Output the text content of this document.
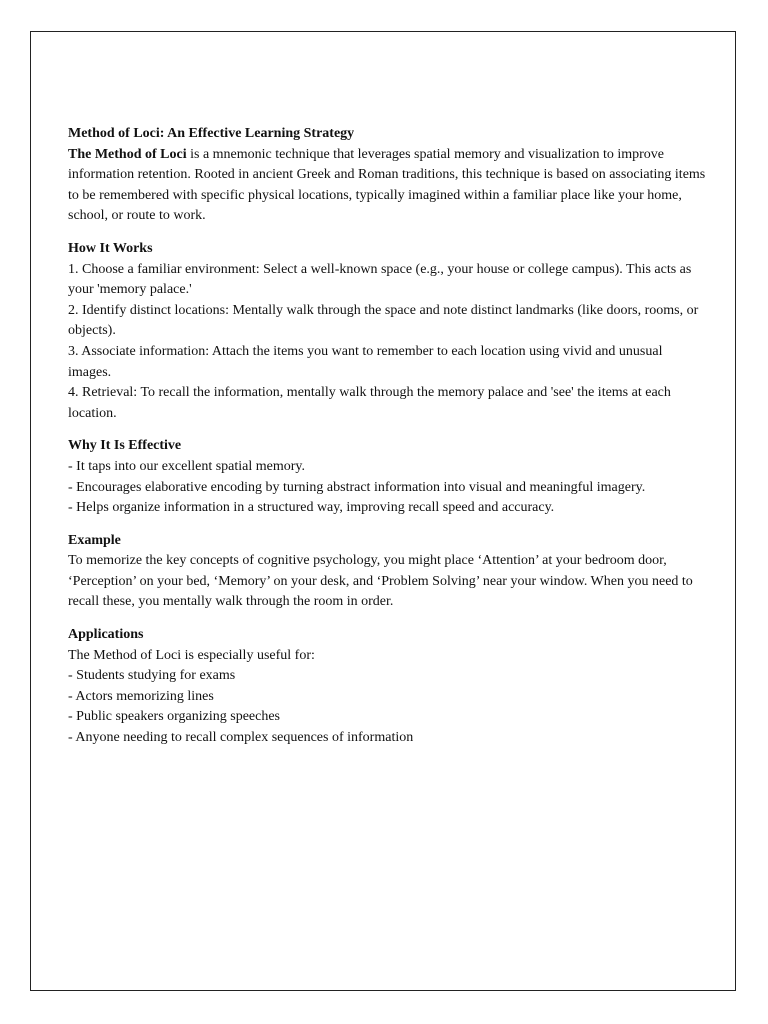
Method of Loci: An Effective Learning Strategy

The Method of Loci is a mnemonic technique that leverages spatial memory and visualization to improve information retention. Rooted in ancient Greek and Roman traditions, this technique is based on associating items to be remembered with specific physical locations, typically imagined within a familiar place like your home, school, or route to work.

How It Works
1. Choose a familiar environment: Select a well-known space (e.g., your house or college campus). This acts as your 'memory palace.'
2. Identify distinct locations: Mentally walk through the space and note distinct landmarks (like doors, rooms, or objects).
3. Associate information: Attach the items you want to remember to each location using vivid and unusual images.
4. Retrieval: To recall the information, mentally walk through the memory palace and 'see' the items at each location.
Why It Is Effective
- It taps into our excellent spatial memory.
- Encourages elaborative encoding by turning abstract information into visual and meaningful imagery.
- Helps organize information in a structured way, improving recall speed and accuracy.
Example

To memorize the key concepts of cognitive psychology, you might place ‘Attention’ at your bedroom door, ‘Perception’ on your bed, ‘Memory’ on your desk, and ‘Problem Solving’ near your window. When you need to recall these, you mentally walk through the room in order.

Applications
The Method of Loci is especially useful for:
- Students studying for exams
- Actors memorizing lines
- Public speakers organizing speeches
- Anyone needing to recall complex sequences of information
